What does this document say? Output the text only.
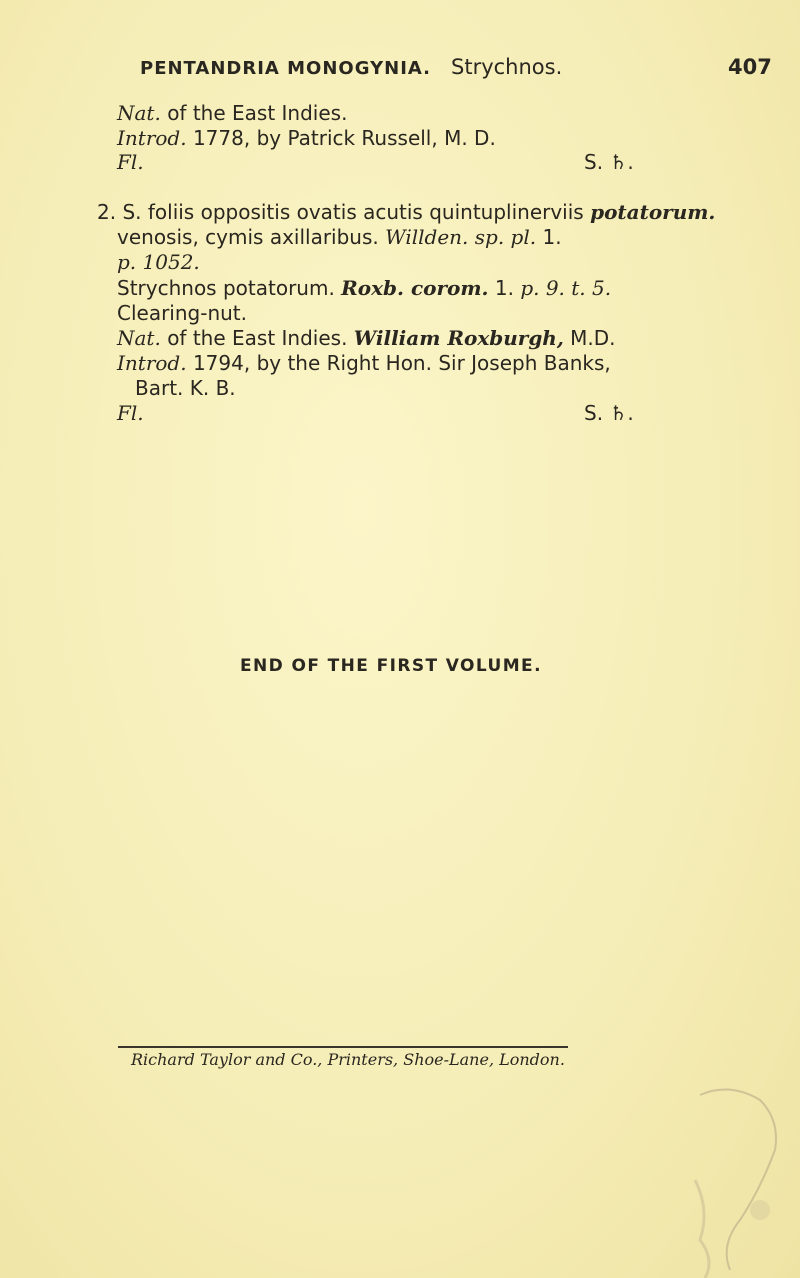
PENTANDRIA MONOGYNIA. Strychnos.	407
Nat. of the East Indies.
Introd. 1778, by Patrick Russell, M. D.
Fl.	S. ♄.
2. S. foliis oppositis ovatis acutis quintuplinerviis potatorum.
venosis, cymis axillaribus. Willden. sp. pl. 1.
p. 1052.
Strychnos potatorum. Roxb. corom. 1. p. 9. t. 5.
Clearing-nut.
Nat. of the East Indies. William Roxburgh, M.D.
Introd. 1794, by the Right Hon. Sir Joseph Banks,
Bart. K. B.
Fl.	S. ♄.
END OF THE FIRST VOLUME.
Richard Taylor and Co., Printers, Shoe-Lane, London.
